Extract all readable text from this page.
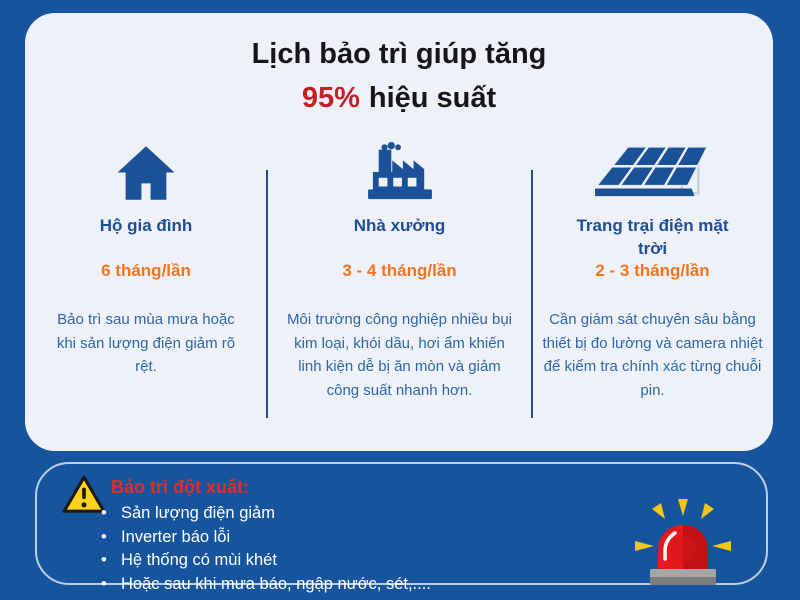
Lịch bảo trì giúp tăng
95% hiệu suất
Hộ gia đình
6 tháng/lần
Bảo trì sau mùa mưa hoặc khi sản lượng điện giảm rõ rệt.
Nhà xưởng
3 - 4 tháng/lần
Môi trường công nghiệp nhiều bụi kim loại, khói dầu, hơi ẩm khiến linh kiện dễ bị ăn mòn và giảm công suất nhanh hơn.
Trang trại điện mặt trời
2 - 3 tháng/lần
Cần giám sát chuyên sâu bằng thiết bị đo lường và camera nhiệt để kiểm tra chính xác từng chuỗi pin.
Bảo trì đột xuất:
• Sản lượng điện giảm
• Inverter báo lỗi
• Hệ thống có mùi khét
• Hoặc sau khi mưa báo, ngập nước, sét,....
